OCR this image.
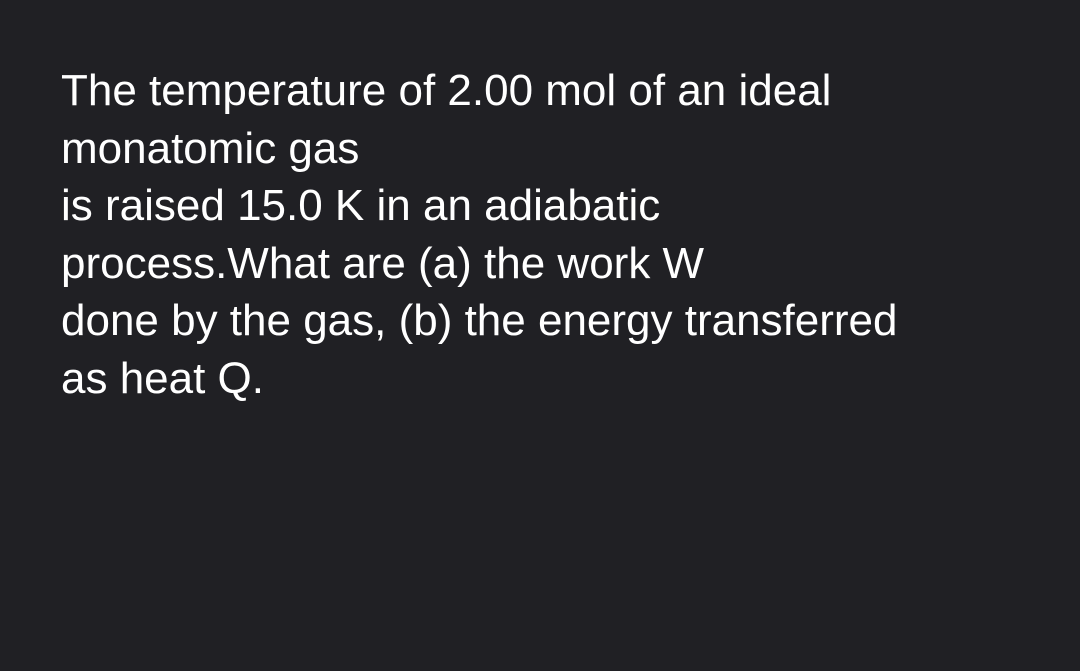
The temperature of 2.00 mol of an ideal
monatomic gas
is raised 15.0 K in an adiabatic
process.What are (a) the work W
done by the gas, (b) the energy transferred
as heat Q.
